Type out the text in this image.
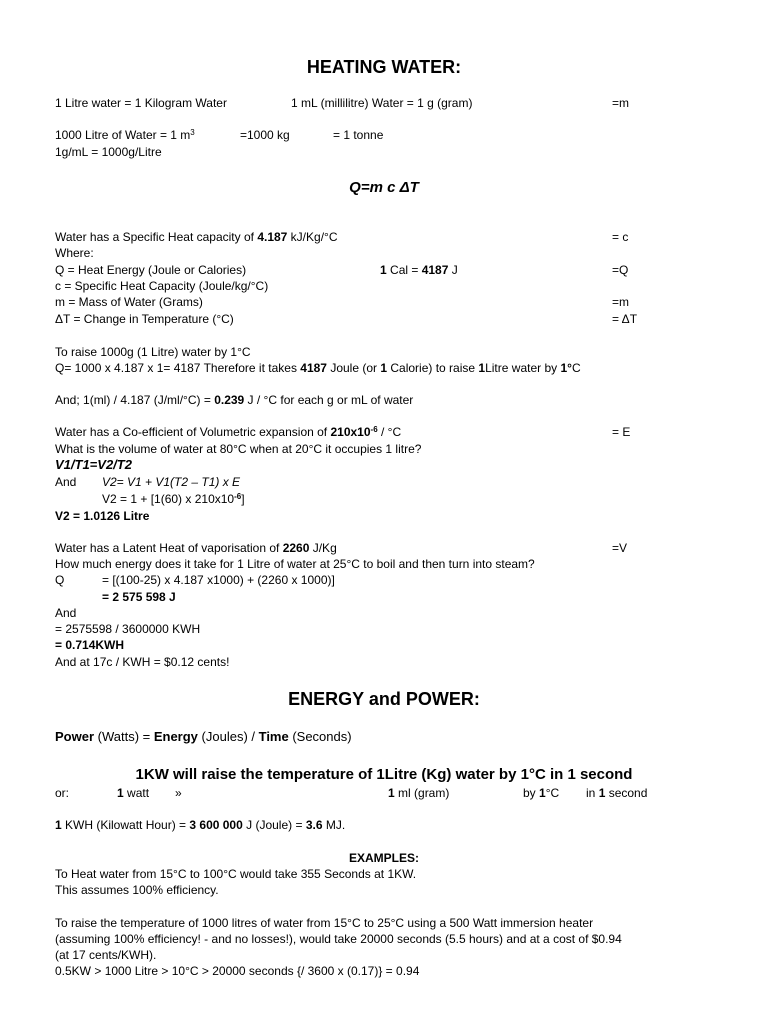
HEATING WATER:
1 Litre water = 1 Kilogram Water	1 mL (millilitre) Water = 1 g (gram)	=m
1000 Litre of Water = 1 $m^3$	=1000 kg	= 1 tonne
1g/mL = 1000g/Litre
Q=m c ΔT
Water has a Specific Heat capacity of 4.187 kJ/Kg/°C	= c
Where:
Q = Heat Energy (Joule or Calories)	1 Cal = 4187 J	=Q
c = Specific Heat Capacity (Joule/kg/°C)
m = Mass of Water (Grams)	=m
ΔT = Change in Temperature (°C)	= ΔT
To raise 1000g (1 Litre) water by 1°C
Q= 1000 x 4.187 x 1= 4187 Therefore it takes 4187 Joule (or 1 Calorie) to raise 1Litre water by 1°C
And; 1(ml) / 4.187 (J/ml/°C) = 0.239 J / °C for each g or mL of water
Water has a Co-efficient of Volumetric expansion of $210x10^{-6} / ^\circ C$	= E
What is the volume of water at 80°C when at 20°C it occupies 1 litre?
V1/T1=V2/T2
And V2= V1 + V1(T2 – T1) x E
V2 = 1 + [1(60) x $210x10^{-6}$]
V2 = 1.0126 Litre
Water has a Latent Heat of vaporisation of 2260 J/Kg	=V
How much energy does it take for 1 Litre of water at 25°C to boil and then turn into steam?
Q	= [(100-25) x 4.187 x1000) + (2260 x 1000)]
= 2 575 598 J
And
= 2575598 / 3600000 KWH
= 0.714KWH
And at 17c / KWH = $0.12 cents!
ENERGY and POWER:
Power (Watts) = Energy (Joules) / Time (Seconds)
1KW will raise the temperature of 1Litre (Kg) water by 1°C in 1 second
or:	1 watt »	1 ml (gram)	by 1°C in 1 second
1 KWH (Kilowatt Hour) = 3 600 000 J (Joule) = 3.6 MJ.
EXAMPLES:
To Heat water from 15°C to 100°C would take 355 Seconds at 1KW.
This assumes 100% efficiency.
To raise the temperature of 1000 litres of water from 15°C to 25°C using a 500 Watt immersion heater
(assuming 100% efficiency! - and no losses!), would take 20000 seconds (5.5 hours) and at a cost of $0.94
(at 17 cents/KWH).
0.5KW > 1000 Litre > 10°C > 20000 seconds {/ 3600 x (0.17)} = 0.94
